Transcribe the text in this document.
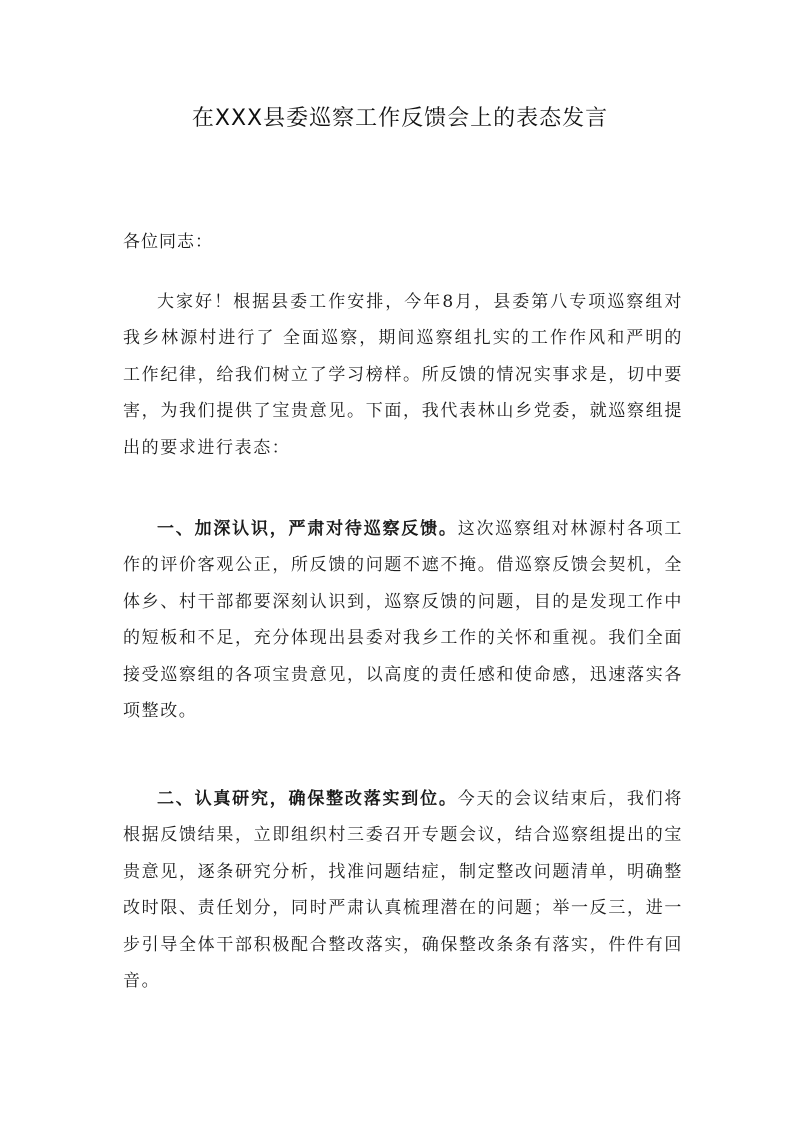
在XXX县委巡察工作反馈会上的表态发言
各位同志：

大家好！根据县委工作安排，今年8月，县委第八专项巡察组对我乡林源村进行了 全面巡察，期间巡察组扎实的工作作风和严明的工作纪律，给我们树立了学习榜样。所反馈的情况实事求是，切中要害，为我们提供了宝贵意见。下面，我代表林山乡党委，就巡察组提出的要求进行表态：

一、加深认识，严肃对待巡察反馈。这次巡察组对林源村各项工作的评价客观公正，所反馈的问题不遮不掩。借巡察反馈会契机，全体乡、村干部都要深刻认识到，巡察反馈的问题，目的是发现工作中的短板和不足，充分体现出县委对我乡工作的关怀和重视。我们全面接受巡察组的各项宝贵意见，以高度的责任感和使命感，迅速落实各项整改。

二、认真研究，确保整改落实到位。今天的会议结束后，我们将根据反馈结果，立即组织村三委召开专题会议，结合巡察组提出的宝贵意见，逐条研究分析，找准问题结症，制定整改问题清单，明确整改时限、责任划分，同时严肃认真梳理潜在的问题；举一反三，进一步引导全体干部积极配合整改落实，确保整改条条有落实，件件有回音。
